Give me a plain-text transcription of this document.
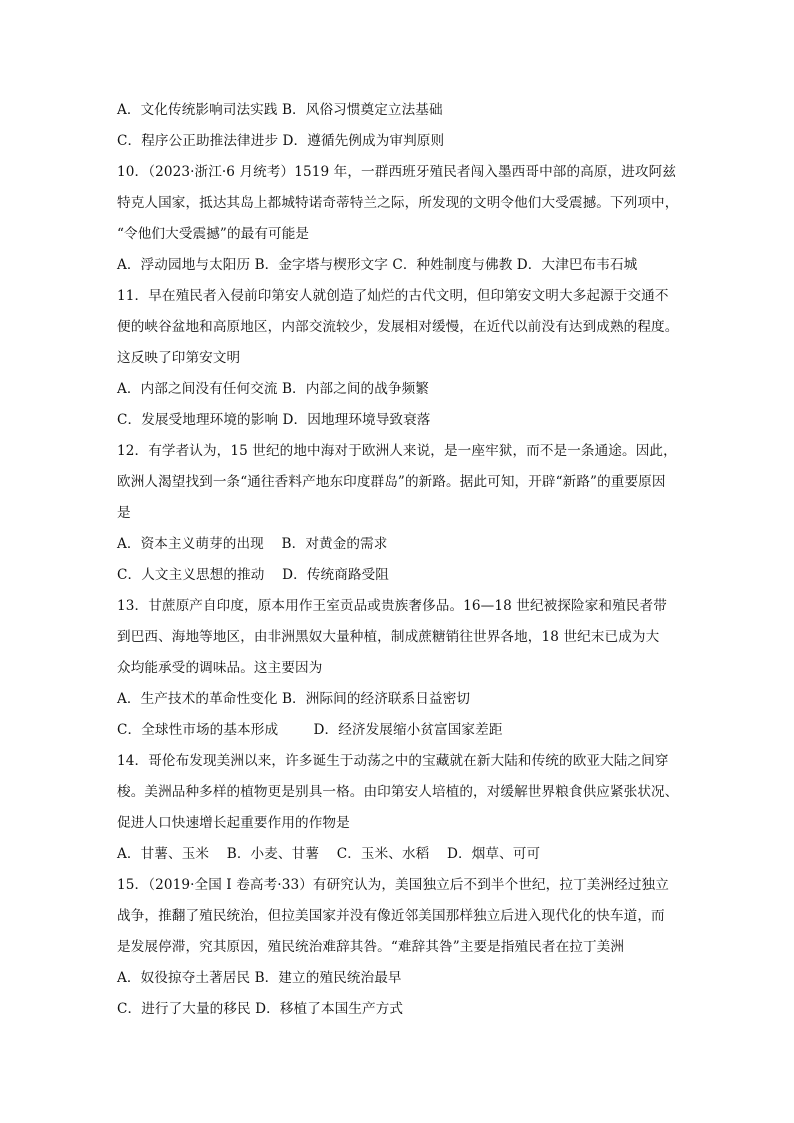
A．文化传统影响司法实践 B．风俗习惯奠定立法基础

C．程序公正助推法律进步 D．遵循先例成为审判原则

10．（2023·浙江·6 月统考）1519 年，一群西班牙殖民者闯入墨西哥中部的高原，进攻阿兹

特克人国家，抵达其岛上都城特诺奇蒂特兰之际，所发现的文明令他们大受震撼。下列项中，

“令他们大受震撼”的最有可能是

A．浮动园地与太阳历 B．金字塔与楔形文字 C．种姓制度与佛教 D．大津巴布韦石城

11．早在殖民者入侵前印第安人就创造了灿烂的古代文明，但印第安文明大多起源于交通不

便的峡谷盆地和高原地区，内部交流较少，发展相对缓慢，在近代以前没有达到成熟的程度。

这反映了印第安文明

A．内部之间没有任何交流 B．内部之间的战争频繁

C．发展受地理环境的影响 D．因地理环境导致衰落

12．有学者认为，15 世纪的地中海对于欧洲人来说，是一座牢狱，而不是一条通途。因此，

欧洲人渴望找到一条“通往香料产地东印度群岛”的新路。据此可知，开辟“新路”的重要原因

是

A．资本主义萌芽的出现    B．对黄金的需求

C．人文主义思想的推动    D．传统商路受阻

13．甘蔗原产自印度，原本用作王室贡品或贵族奢侈品。16—18 世纪被探险家和殖民者带

到巴西、海地等地区，由非洲黑奴大量种植，制成蔗糖销往世界各地，18 世纪末已成为大

众均能承受的调味品。这主要因为

A．生产技术的革命性变化 B．洲际间的经济联系日益密切

C．全球性市场的基本形成        D．经济发展缩小贫富国家差距

14．哥伦布发现美洲以来，许多诞生于动荡之中的宝藏就在新大陆和传统的欧亚大陆之间穿

梭。美洲品种多样的植物更是别具一格。由印第安人培植的，对缓解世界粮食供应紧张状况、

促进人口快速增长起重要作用的作物是

A．甘薯、玉米    B．小麦、甘薯    C．玉米、水稻    D．烟草、可可

15．（2019·全国 I 卷高考·33）有研究认为，美国独立后不到半个世纪，拉丁美洲经过独立

战争，推翻了殖民统治，但拉美国家并没有像近邻美国那样独立后进入现代化的快车道，而

是发展停滞，究其原因，殖民统治难辞其咎。“难辞其咎”主要是指殖民者在拉丁美洲

A．奴役掠夺土著居民 B．建立的殖民统治最早

C．进行了大量的移民 D．移植了本国生产方式
